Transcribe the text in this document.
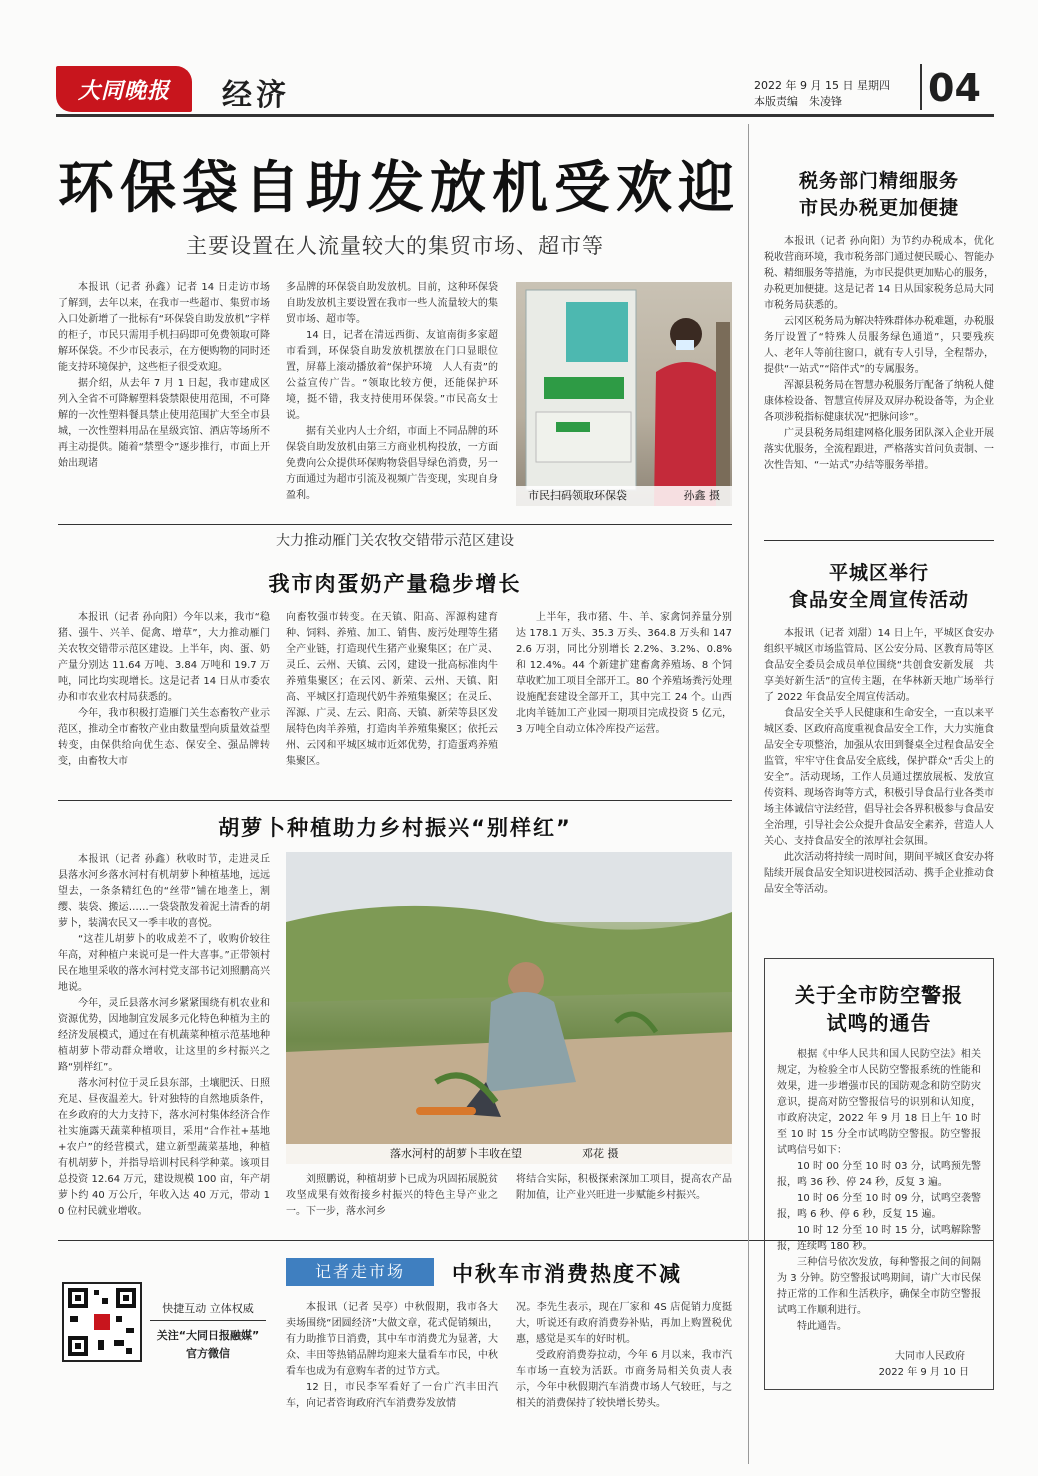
大同晚报	经济	2022 年 9 月 15 日 星期四
本版责编　朱凌锋	04
环保袋自助发放机受欢迎
主要设置在人流量较大的集贸市场、超市等

本报讯（记者 孙鑫）记者 14 日走访市场了解到，去年以来，在我市一些超市、集贸市场入口处新增了一批标有“环保袋自助发放机”字样的柜子，市民只需用手机扫码即可免费领取可降解环保袋。不少市民表示，在方便购物的同时还能支持环境保护，这些柜子很受欢迎。

据介绍，从去年 7 月 1 日起，我市建成区列入全省不可降解塑料袋禁限使用范围，不可降解的一次性塑料餐具禁止使用范围扩大至全市县城，一次性塑料用品在星级宾馆、酒店等场所不再主动提供。随着“禁塑令”逐步推行，市面上开始出现诸

多品牌的环保袋自助发放机。目前，这种环保袋自助发放机主要设置在我市一些人流量较大的集贸市场、超市等。

14 日，记者在清远西街、友谊南街多家超市看到，环保袋自助发放机摆放在门口显眼位置，屏幕上滚动播放着“保护环境　人人有责”的公益宣传广告。“领取比较方便，还能保护环境，挺不错，我支持使用环保袋。”市民高女士说。

据有关业内人士介绍，市面上不同品牌的环保袋自助发放机由第三方商业机构投放，一方面免费向公众提供环保购物袋倡导绿色消费，另一方面通过为超市引流及视频广告变现，实现自身盈利。	市民扫码领取环保袋	孙鑫 摄
大力推动雁门关农牧交错带示范区建设
我市肉蛋奶产量稳步增长

本报讯（记者 孙向阳）今年以来，我市“稳猪、强牛、兴羊、促禽、增草”，大力推动雁门关农牧交错带示范区建设。上半年，肉、蛋、奶产量分别达 11.64 万吨、3.84 万吨和 19.7 万吨，同比均实现增长。这是记者 14 日从市委农办和市农业农村局获悉的。

今年，我市积极打造雁门关生态畜牧产业示范区，推动全市畜牧产业由数量型向质量效益型转变，由保供给向优生态、保安全、强品牌转变，由畜牧大市

向畜牧强市转变。在天镇、阳高、浑源构建育种、饲料、养殖、加工、销售、废污处理等生猪全产业链，打造现代生猪产业聚集区；在广灵、灵丘、云州、天镇、云冈，建设一批高标准肉牛养殖集聚区；在云冈、新荣、云州、天镇、阳高、平城区打造现代奶牛养殖集聚区；在灵丘、浑源、广灵、左云、阳高、天镇、新荣等县区发展特色肉羊养殖，打造肉羊养殖集聚区；依托云州、云冈和平城区城市近郊优势，打造蛋鸡养殖集聚区。

上半年，我市猪、牛、羊、家禽饲养量分别达 178.1 万头、35.3 万头、364.8 万头和 1472.6 万羽，同比分别增长 2.2%、3.2%、0.8% 和 12.4%。44 个新建扩建畜禽养殖场、8 个饲草收贮加工项目全部开工。80 个养殖场粪污处理设施配套建设全部开工，其中完工 24 个。山西北肉羊链加工产业园一期项目完成投资 5 亿元，3 万吨全自动立体冷库投产运营。

胡萝卜种植助力乡村振兴“别样红”

本报讯（记者 孙鑫）秋收时节，走进灵丘县落水河乡落水河村有机胡萝卜种植基地，远远望去，一条条精红色的“丝带”铺在地垄上，割缨、装袋、搬运……一袋袋散发着泥土清香的胡萝卜，装满农民又一季丰收的喜悦。

“这茬儿胡萝卜的收成差不了，收购价较往年高，对种植户来说可是一件大喜事。”正带领村民在地里采收的落水河村党支部书记刘照鹏高兴地说。

今年，灵丘县落水河乡紧紧围绕有机农业和资源优势，因地制宜发展多元化特色种植为主的经济发展模式，通过在有机蔬菜种植示范基地种植胡萝卜带动群众增收，让这里的乡村振兴之路“别样红”。

落水河村位于灵丘县东部，土壤肥沃、日照充足、昼夜温差大。针对独特的自然地质条件，在乡政府的大力支持下，落水河村集体经济合作社实施露天蔬菜种植项目，采用“合作社+基地+农户”的经营模式，建立新型蔬菜基地，种植有机胡萝卜，并指导培训村民科学种菜。该项目总投资 12.64 万元，建设规模 100 亩，年产胡萝卜约 40 万公斤，年收入达 40 万元，带动 10 位村民就业增收。

落水河村的胡萝卜丰收在望	邓花 摄

刘照鹏说，种植胡萝卜已成为巩固拓展脱贫攻坚成果有效衔接乡村振兴的特色主导产业之一。下一步，落水河乡

将结合实际，积极探索深加工项目，提高农产品附加值，让产业兴旺进一步赋能乡村振兴。

记者走市场	中秋车市消费热度不减

本报讯（记者 吴亭）中秋假期，我市各大卖场围绕“团圆经济”大做文章，花式促销频出，有力助推节日消费，其中车市消费尤为显著，大众、丰田等热销品牌均迎来大量看车市民，中秋看车也成为有意购车者的过节方式。

12 日，市民李军看好了一台广汽丰田汽车，向记者咨询政府汽车消费券发放情

况。李先生表示，现在厂家和 4S 店促销力度挺大，听说还有政府消费券补贴，再加上购置税优惠，感觉是买车的好时机。

受政府消费券拉动，今年 6 月以来，我市汽车市场一直较为活跃。市商务局相关负责人表示，今年中秋假期汽车消费市场人气较旺，与之相关的消费保持了较快增长势头。

快捷互动 立体权威
关注“大同日报融媒”
官方微信
税务部门精细服务
市民办税更加便捷

本报讯（记者 孙向阳）为节约办税成本，优化税收营商环境，我市税务部门通过便民暖心、智能办税、精细服务等措施，为市民提供更加贴心的服务，办税更加便捷。这是记者 14 日从国家税务总局大同市税务局获悉的。

云冈区税务局为解决特殊群体办税难题，办税服务厅设置了“特殊人员服务绿色通道”，只要残疾人、老年人等前往窗口，就有专人引导，全程帮办，提供“一站式”“陪伴式”的专属服务。

浑源县税务局在智慧办税服务厅配备了纳税人健康体检设备、智慧宣传屏及双屏办税设备等，为企业各项涉税指标健康状况“把脉问诊”。

广灵县税务局组建网格化服务团队深入企业开展落实优服务，全流程跟进，严格落实首问负责制、一次性告知、“一站式”办结等服务举措。

平城区举行
食品安全周宣传活动

本报讯（记者 刘甜）14 日上午，平城区食安办组织平城区市场监管局、区公安分局、区教育局等区食品安全委员会成员单位围绕“共创食安新发展　共享美好新生活”的宣传主题，在华林新天地广场举行了 2022 年食品安全周宣传活动。

食品安全关乎人民健康和生命安全，一直以来平城区委、区政府高度重视食品安全工作，大力实施食品安全专项整治，加强从农田到餐桌全过程食品安全监管，牢牢守住食品安全底线，保护群众“舌尖上的安全”。活动现场，工作人员通过摆放展板、发放宣传资料、现场咨询等方式，积极引导食品行业各类市场主体诚信守法经营，倡导社会各界积极参与食品安全治理，引导社会公众提升食品安全素养，营造人人关心、支持食品安全的浓厚社会氛围。

此次活动将持续一周时间，期间平城区食安办将陆续开展食品安全知识进校园活动、携手企业推动食品安全等活动。

关于全市防空警报
试鸣的通告

根据《中华人民共和国人民防空法》相关规定，为检验全市人民防空警报系统的性能和效果，进一步增强市民的国防观念和防空防灾意识，提高对防空警报信号的识别和认知度，市政府决定，2022 年 9 月 18 日上午 10 时至 10 时 15 分全市试鸣防空警报。防空警报试鸣信号如下：

10 时 00 分至 10 时 03 分，试鸣预先警报，鸣 36 秒、停 24 秒，反复 3 遍。

10 时 06 分至 10 时 09 分，试鸣空袭警报，鸣 6 秒、停 6 秒，反复 15 遍。

10 时 12 分至 10 时 15 分，试鸣解除警报，连续鸣 180 秒。

三种信号依次发放，每种警报之间的间隔为 3 分钟。防空警报试鸣期间，请广大市民保持正常的工作和生活秩序，确保全市防空警报试鸣工作顺利进行。

特此通告。

大同市人民政府

2022 年 9 月 10 日
